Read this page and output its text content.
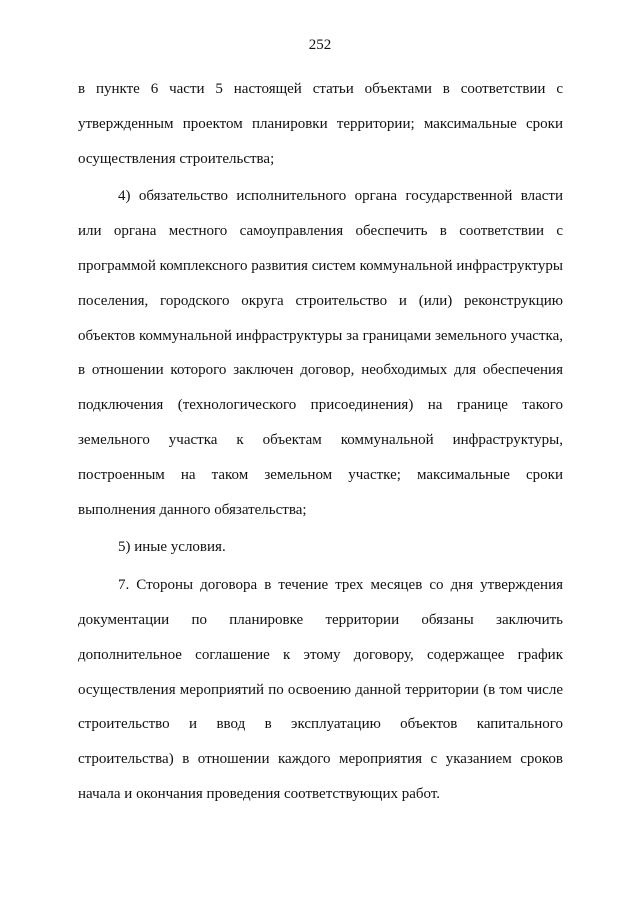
252

в пункте 6 части 5 настоящей статьи объектами в соответствии с утвержденным проектом планировки территории; максимальные сроки осуществления строительства;

4) обязательство исполнительного органа государственной власти или органа местного самоуправления обеспечить в соответствии с программой комплексного развития систем коммунальной инфраструктуры поселения, городского округа строительство и (или) реконструкцию объектов коммунальной инфраструктуры за границами земельного участка, в отношении которого заключен договор, необходимых для обеспечения подключения (технологического присоединения) на границе такого земельного участка к объектам коммунальной инфраструктуры, построенным на таком земельном участке; максимальные сроки выполнения данного обязательства;

5) иные условия.

7. Стороны договора в течение трех месяцев со дня утверждения документации по планировке территории обязаны заключить дополнительное соглашение к этому договору, содержащее график осуществления мероприятий по освоению данной территории (в том числе строительство и ввод в эксплуатацию объектов капитального строительства) в отношении каждого мероприятия с указанием сроков начала и окончания проведения соответствующих работ.
